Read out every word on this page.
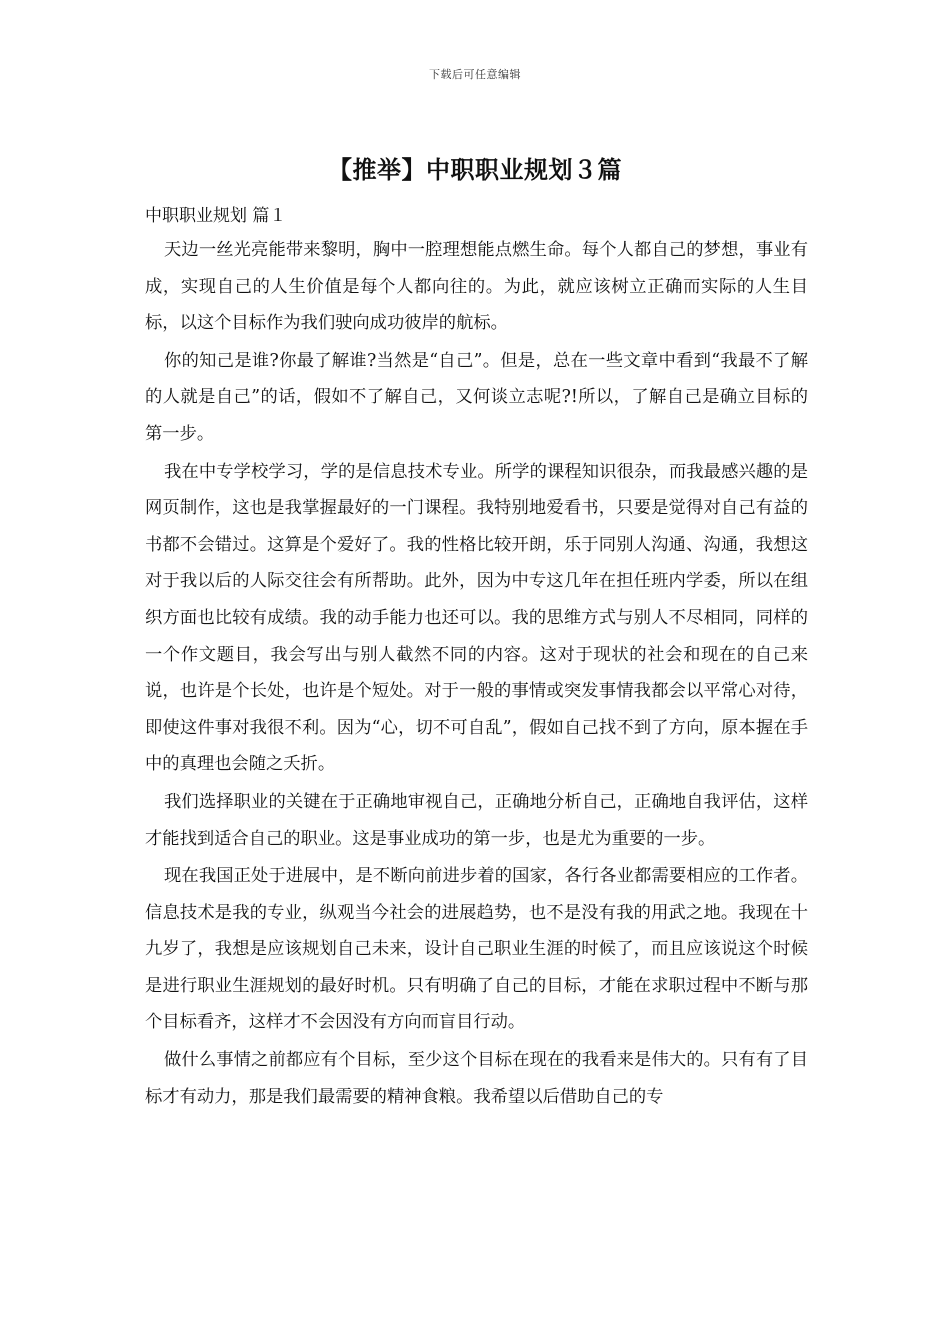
下载后可任意编辑
【推举】中职职业规划３篇
中职职业规划 篇１

天边一丝光亮能带来黎明，胸中一腔理想能点燃生命。每个人都自己的梦想，事业有成，实现自己的人生价值是每个人都向往的。为此，就应该树立正确而实际的人生目标，以这个目标作为我们驶向成功彼岸的航标。

你的知己是谁?你最了解谁?当然是“自己”。但是，总在一些文章中看到“我最不了解的人就是自己”的话，假如不了解自己，又何谈立志呢?!所以，了解自己是确立目标的第一步。

我在中专学校学习，学的是信息技术专业。所学的课程知识很杂，而我最感兴趣的是网页制作，这也是我掌握最好的一门课程。我特别地爱看书，只要是觉得对自己有益的书都不会错过。这算是个爱好了。我的性格比较开朗，乐于同别人沟通、沟通，我想这对于我以后的人际交往会有所帮助。此外，因为中专这几年在担任班内学委，所以在组织方面也比较有成绩。我的动手能力也还可以。我的思维方式与别人不尽相同，同样的一个作文题目，我会写出与别人截然不同的内容。这对于现状的社会和现在的自己来说，也许是个长处，也许是个短处。对于一般的事情或突发事情我都会以平常心对待，即使这件事对我很不利。因为“心，切不可自乱”，假如自己找不到了方向，原本握在手中的真理也会随之夭折。

我们选择职业的关键在于正确地审视自己，正确地分析自己，正确地自我评估，这样才能找到适合自己的职业。这是事业成功的第一步，也是尤为重要的一步。

现在我国正处于进展中，是不断向前进步着的国家，各行各业都需要相应的工作者。信息技术是我的专业，纵观当今社会的进展趋势，也不是没有我的用武之地。我现在十九岁了，我想是应该规划自己未来，设计自己职业生涯的时候了，而且应该说这个时候是进行职业生涯规划的最好时机。只有明确了自己的目标，才能在求职过程中不断与那个目标看齐，这样才不会因没有方向而盲目行动。

做什么事情之前都应有个目标，至少这个目标在现在的我看来是伟大的。只有有了目标才有动力，那是我们最需要的精神食粮。我希望以后借助自己的专
